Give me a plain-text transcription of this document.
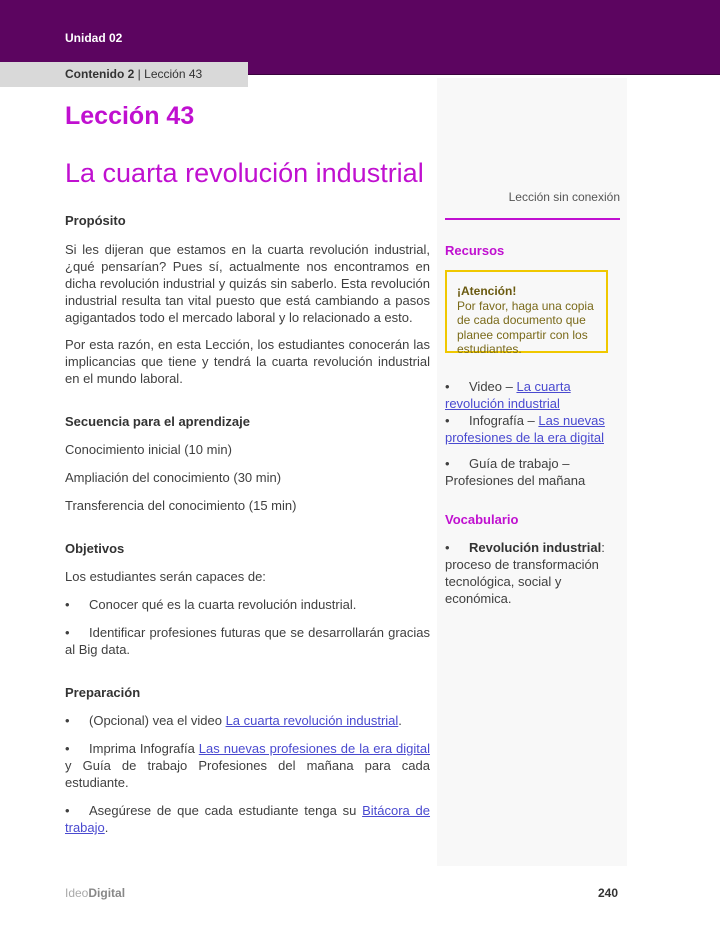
Unidad 02
Contenido 2 | Lección 43
Lección 43
La cuarta revolución industrial

Propósito

Si les dijeran que estamos en la cuarta revolución industrial, ¿qué pensarían? Pues sí, actualmente nos encontramos en dicha revolución industrial y quizás sin saberlo. Esta revolución industrial resulta tan vital puesto que está cambiando a pasos agigantados todo el mercado laboral y lo relacionado a esto.

Por esta razón, en esta Lección, los estudiantes conocerán las implicancias que tiene y tendrá la cuarta revolución industrial en el mundo laboral.

Secuencia para el aprendizaje

Conocimiento inicial (10 min)

Ampliación del conocimiento (30 min)

Transferencia del conocimiento (15 min)

Objetivos

Los estudiantes serán capaces de:

• Conocer qué es la cuarta revolución industrial.

• Identificar profesiones futuras que se desarrollarán gracias al Big data.

Preparación

• (Opcional) vea el video La cuarta revolución industrial.

• Imprima Infografía Las nuevas profesiones de la era digital y Guía de trabajo Profesiones del mañana para cada estudiante.

• Asegúrese de que cada estudiante tenga su Bitácora de trabajo.

Lección sin conexión
Recursos
¡Atención!
Por favor, haga una copia de cada documento que planee compartir con los estudiantes.
• Video – La cuarta revolución industrial
• Infografía – Las nuevas profesiones de la era digital
• Guía de trabajo – Profesiones del mañana
Vocabulario
• Revolución industrial: proceso de transformación tecnológica, social y económica.
IdeoDigital	240
